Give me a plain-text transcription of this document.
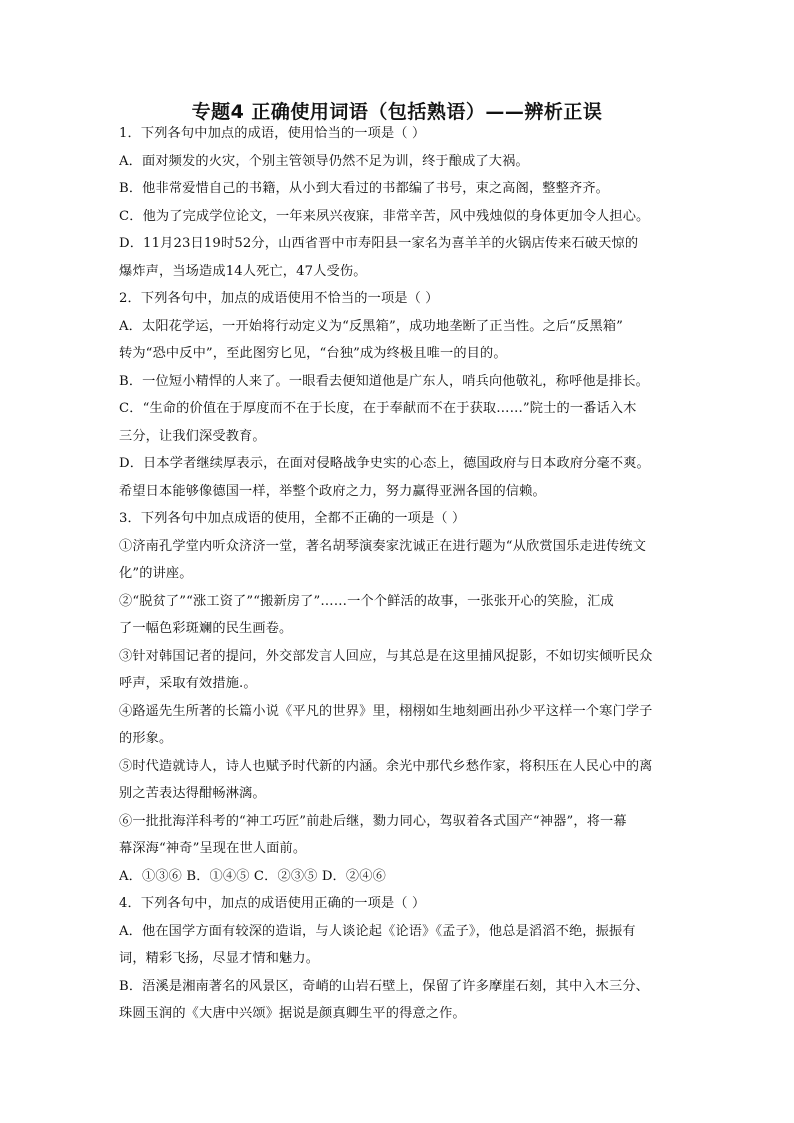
专题4 正确使用词语（包括熟语）——辨析正误
1．下列各句中加点的成语，使用恰当的一项是（ ）
A．面对频发的火灾，个别主管领导仍然不足为训，终于酿成了大祸。
B．他非常爱惜自己的书籍，从小到大看过的书都编了书号，束之高阁，整整齐齐。
C．他为了完成学位论文，一年来夙兴夜寐，非常辛苦，风中残烛似的身体更加令人担心。
D．11月23日19时52分，山西省晋中市寿阳县一家名为喜羊羊的火锅店传来石破天惊的
爆炸声，当场造成14人死亡，47人受伤。
2．下列各句中，加点的成语使用不恰当的一项是（ ）
A．太阳花学运，一开始将行动定义为“反黑箱”，成功地垄断了正当性。之后“反黑箱”
转为“恐中反中”，至此图穷匕见，“台独”成为终极且唯一的目的。
B．一位短小精悍的人来了。一眼看去便知道他是广东人，哨兵向他敬礼，称呼他是排长。
C．“生命的价值在于厚度而不在于长度，在于奉献而不在于获取……”院士的一番话入木
三分，让我们深受教育。
D．日本学者继续厚表示，在面对侵略战争史实的心态上，德国政府与日本政府分毫不爽。
希望日本能够像德国一样，举整个政府之力，努力赢得亚洲各国的信赖。
3．下列各句中加点成语的使用，全都不正确的一项是（ ）
①济南孔学堂内听众济济一堂，著名胡琴演奏家沈诚正在进行题为“从欣赏国乐走进传统文
化”的讲座。
②“脱贫了”“涨工资了”“搬新房了”……一个个鲜活的故事，一张张开心的笑脸，汇成
了一幅色彩斑斓的民生画卷。
③针对韩国记者的提问，外交部发言人回应，与其总是在这里捕风捉影，不如切实倾听民众
呼声，采取有效措施.。
④路遥先生所著的长篇小说《平凡的世界》里，栩栩如生地刻画出孙少平这样一个寒门学子
的形象。
⑤时代造就诗人，诗人也赋予时代新的内涵。余光中那代乡愁作家，将积压在人民心中的离
别之苦表达得酣畅淋漓。
⑥一批批海洋科考的“神工巧匠”前赴后继，勠力同心，驾驭着各式国产“神器”，将一幕
幕深海“神奇”呈现在世人面前。
A．①③⑥ B．①④⑤ C．②③⑤ D．②④⑥
4．下列各句中，加点的成语使用正确的一项是（ ）
A．他在国学方面有较深的造诣，与人谈论起《论语》《孟子》，他总是滔滔不绝，振振有
词，精彩飞扬，尽显才情和魅力。
B．浯溪是湘南著名的风景区，奇峭的山岩石壁上，保留了许多摩崖石刻，其中入木三分、
珠圆玉润的《大唐中兴颂》据说是颜真卿生平的得意之作。
